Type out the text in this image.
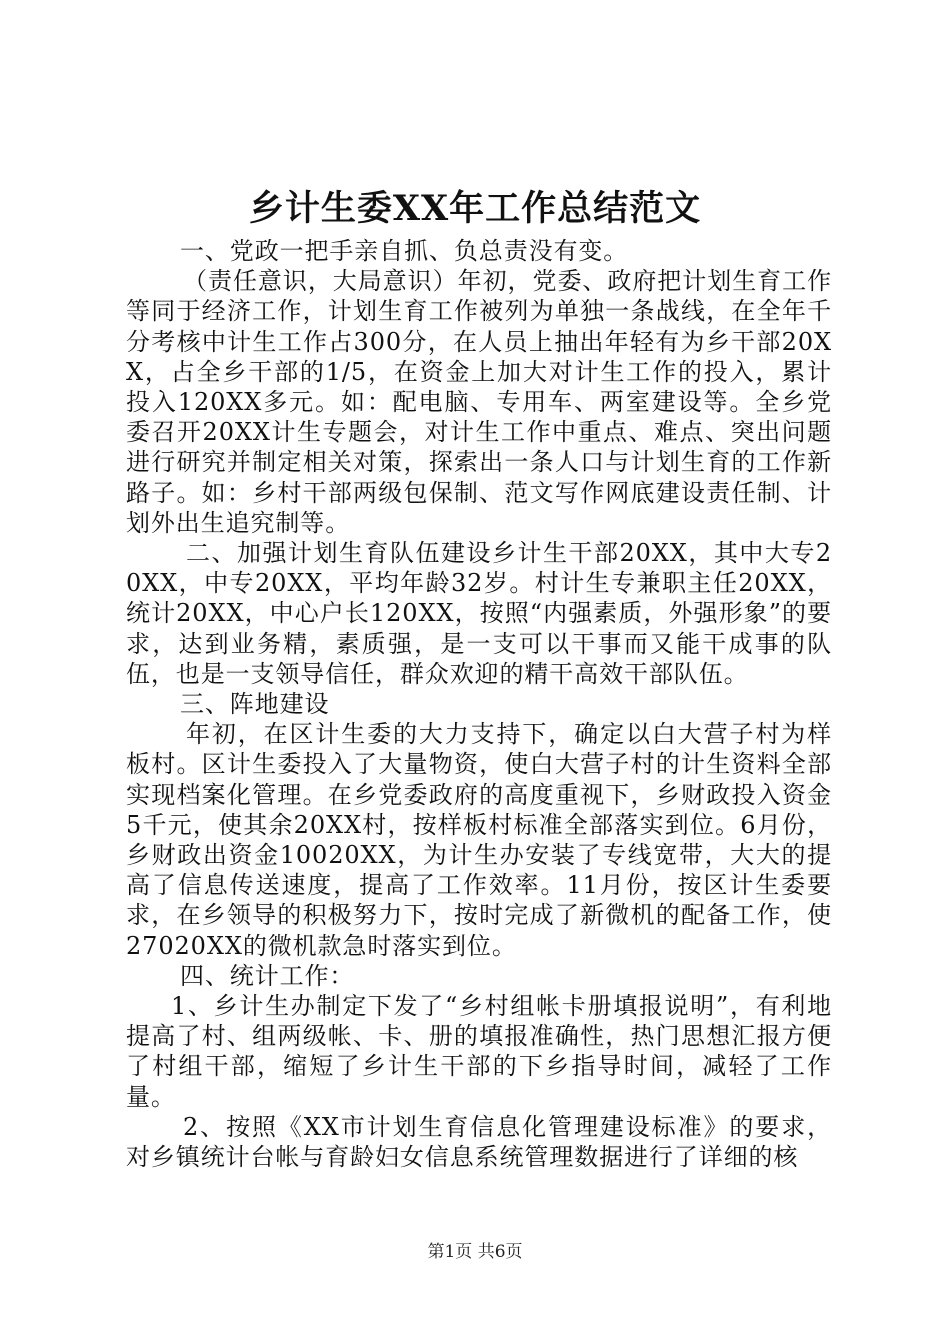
乡计生委XX年工作总结范文

一、党政一把手亲自抓、负总责没有变。

（责任意识，大局意识）年初，党委、政府把计划生育工作等同于经济工作，计划生育工作被列为单独一条战线，在全年千分考核中计生工作占300分，在人员上抽出年轻有为乡干部20XX，占全乡干部的1/5，在资金上加大对计生工作的投入，累计投入120XX多元。如：配电脑、专用车、两室建设等。全乡党委召开20XX计生专题会，对计生工作中重点、难点、突出问题进行研究并制定相关对策，探索出一条人口与计划生育的工作新路子。如：乡村干部两级包保制、范文写作网底建设责任制、计划外出生追究制等。

二、加强计划生育队伍建设乡计生干部20XX，其中大专20XX，中专20XX，平均年龄32岁。村计生专兼职主任20XX，统计20XX，中心户长120XX，按照“内强素质，外强形象”的要求，达到业务精，素质强，是一支可以干事而又能干成事的队伍，也是一支领导信任，群众欢迎的精干高效干部队伍。

三、阵地建设

年初，在区计生委的大力支持下，确定以白大营子村为样板村。区计生委投入了大量物资，使白大营子村的计生资料全部实现档案化管理。在乡党委政府的高度重视下，乡财政投入资金5千元，使其余20XX村，按样板村标准全部落实到位。6月份，乡财政出资金10020XX，为计生办安装了专线宽带，大大的提高了信息传送速度，提高了工作效率。11月份，按区计生委要求，在乡领导的积极努力下，按时完成了新微机的配备工作，使27020XX的微机款急时落实到位。

四、统计工作：

1、乡计生办制定下发了“乡村组帐卡册填报说明”，有利地提高了村、组两级帐、卡、册的填报准确性，热门思想汇报方便了村组干部，缩短了乡计生干部的下乡指导时间，减轻了工作量。

2、按照《XX市计划生育信息化管理建设标准》的要求，对乡镇统计台帐与育龄妇女信息系统管理数据进行了详细的核

第1页 共6页
